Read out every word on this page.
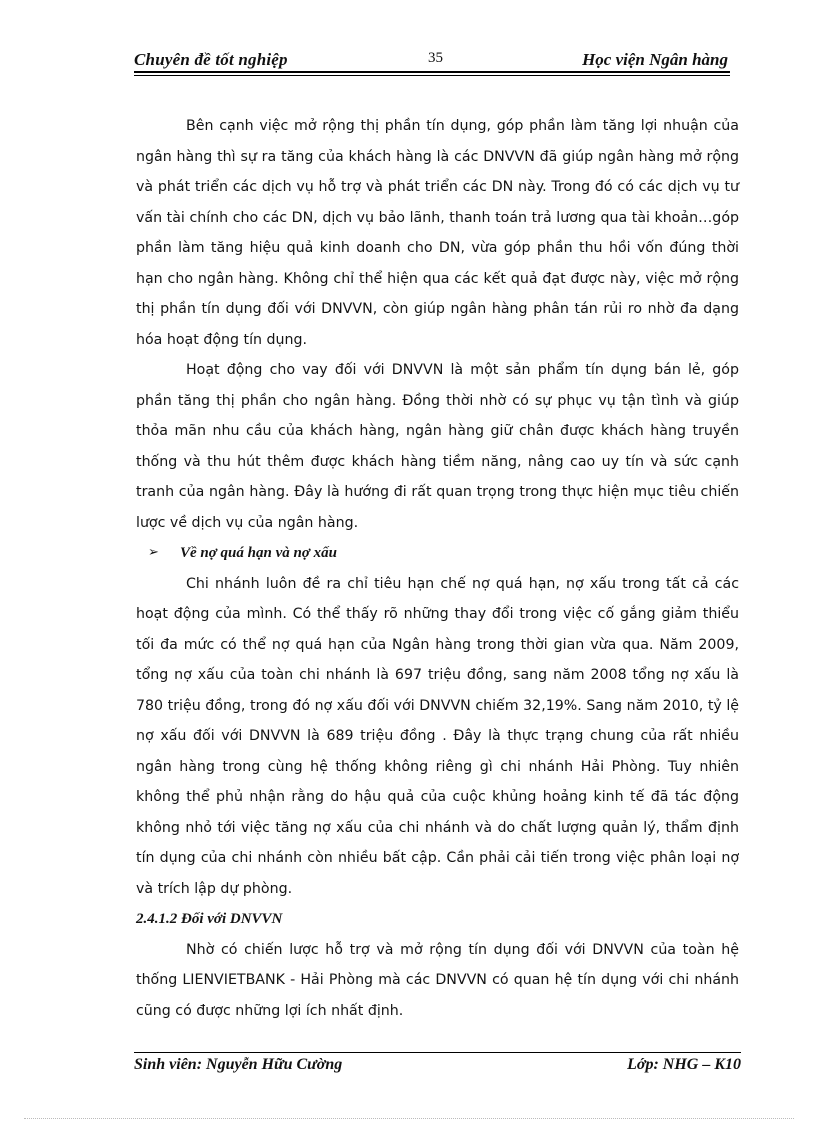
Chuyên đề tốt nghiệp	35	Học viện Ngân hàng

Bên cạnh việc mở rộng thị phần tín dụng, góp phần làm tăng lợi nhuận của ngân hàng thì sự ra tăng của khách hàng là các DNVVN đã giúp ngân hàng mở rộng và phát triển các dịch vụ hỗ trợ và phát triển các DN này. Trong đó có các dịch vụ tư vấn tài chính cho các DN, dịch vụ bảo lãnh, thanh toán trả lương qua tài khoản…góp phần làm tăng hiệu quả kinh doanh cho DN, vừa góp phần thu hồi vốn đúng thời hạn cho ngân hàng. Không chỉ thể hiện qua các kết quả đạt được này, việc mở rộng thị phần tín dụng đối với DNVVN, còn giúp ngân hàng phân tán rủi ro nhờ đa dạng hóa hoạt động tín dụng.

Hoạt động cho vay đối với DNVVN là một sản phẩm tín dụng bán lẻ, góp phần tăng thị phần cho ngân hàng. Đồng thời nhờ có sự phục vụ tận tình và giúp thỏa mãn nhu cầu của khách hàng, ngân hàng giữ chân được khách hàng truyền thống và thu hút thêm được khách hàng tiềm năng, nâng cao uy tín và sức cạnh tranh của ngân hàng. Đây là hướng đi rất quan trọng trong thực hiện mục tiêu chiến lược về dịch vụ của ngân hàng.

➢ Về nợ quá hạn và nợ xấu

Chi nhánh luôn đề ra chỉ tiêu hạn chế nợ quá hạn, nợ xấu trong tất cả các hoạt động của mình. Có thể thấy rõ những thay đổi trong việc cố gắng giảm thiểu tối đa mức có thể nợ quá hạn của Ngân hàng trong thời gian vừa qua. Năm 2009, tổng nợ xấu của toàn chi nhánh là 697 triệu đồng, sang năm 2008 tổng nợ xấu là 780 triệu đồng, trong đó nợ xấu đối với DNVVN chiếm 32,19%. Sang năm 2010, tỷ lệ nợ xấu đối với DNVVN là 689 triệu đồng . Đây là thực trạng chung của rất nhiều ngân hàng trong cùng hệ thống không riêng gì chi nhánh Hải Phòng. Tuy nhiên không thể phủ nhận rằng do hậu quả của cuộc khủng hoảng kinh tế đã tác động không nhỏ tới việc tăng nợ xấu của chi nhánh và do chất lượng quản lý, thẩm định tín dụng của chi nhánh còn nhiều bất cập. Cần phải cải tiến trong việc phân loại nợ và trích lập dự phòng.

2.4.1.2 Đối với DNVVN

Nhờ có chiến lược hỗ trợ và mở rộng tín dụng đối với DNVVN của toàn hệ thống LIENVIETBANK - Hải Phòng mà các DNVVN có quan hệ tín dụng với chi nhánh cũng có được những lợi ích nhất định.

Sinh viên: Nguyễn Hữu Cường	Lớp: NHG – K10
